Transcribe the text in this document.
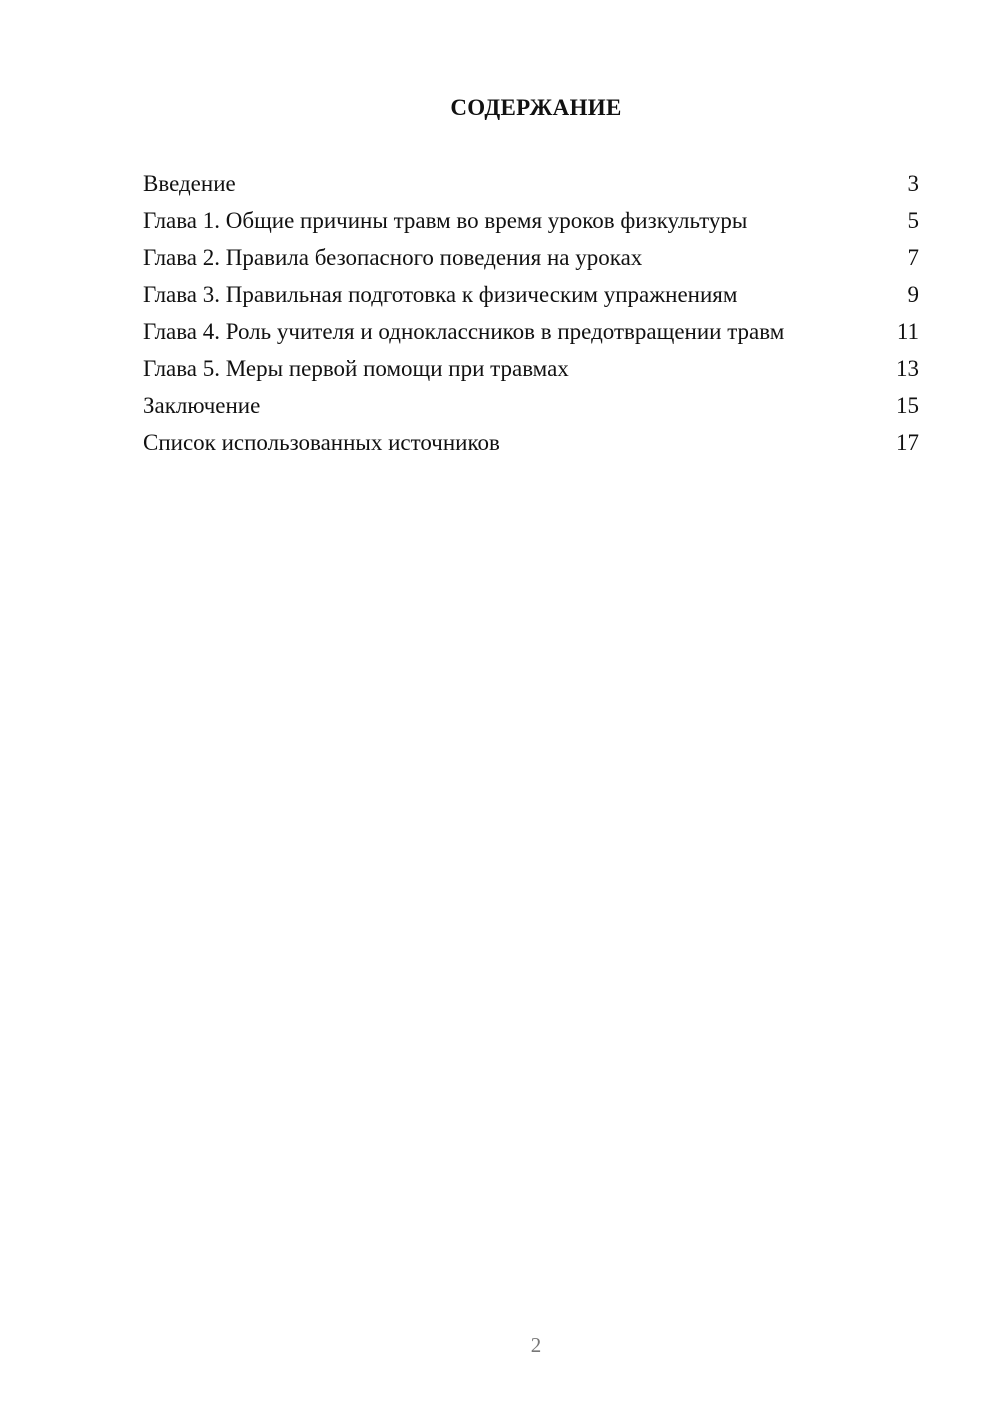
СОДЕРЖАНИЕ
Введение	3
Глава 1. Общие причины травм во время уроков физкультуры	5
Глава 2. Правила безопасного поведения на уроках	7
Глава 3. Правильная подготовка к физическим упражнениям	9
Глава 4. Роль учителя и одноклассников в предотвращении травм	11
Глава 5. Меры первой помощи при травмах	13
Заключение	15
Список использованных источников	17
2
